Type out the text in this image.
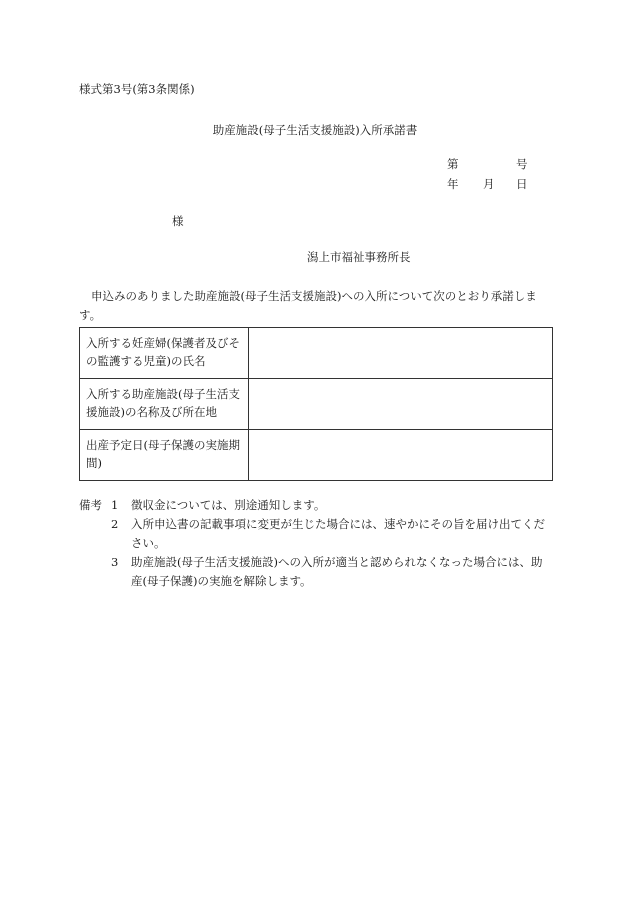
様式第3号(第3条関係)
助産施設(母子生活支援施設)入所承諾書
第	号
年 月 日
様
潟上市福祉事務所長
申込みのありました助産施設(母子生活支援施設)への入所について次のとおり承諾します。
入所する妊産婦(保護者及びその監護する児童)の氏名	
入所する助産施設(母子生活支援施設)の名称及び所在地	
出産予定日(母子保護の実施期間)	
備考 1	徴収金については、別途通知します。
2	入所申込書の記載事項に変更が生じた場合には、速やかにその旨を届け出てください。
3	助産施設(母子生活支援施設)への入所が適当と認められなくなった場合には、助産(母子保護)の実施を解除します。
